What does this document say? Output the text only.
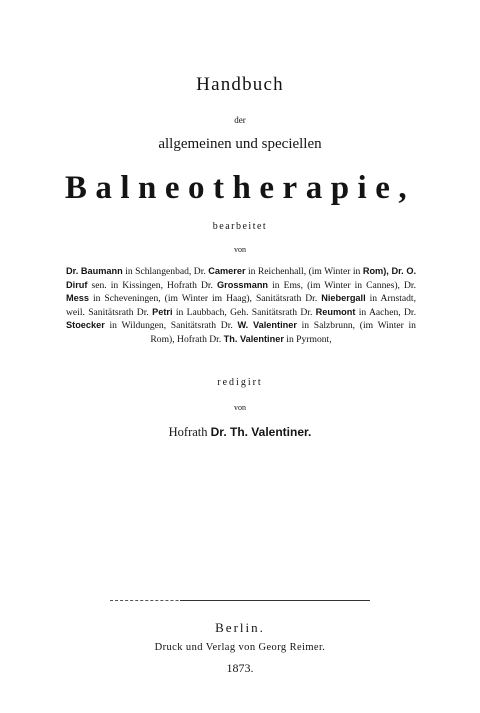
Handbuch
der
allgemeinen und speciellen
Balneotherapie,
bearbeitet
von
Dr. Baumann in Schlangenbad, Dr. Camerer in Reichenhall, (im Winter in Rom), Dr. O. Diruf sen. in Kissingen, Hofrath Dr. Grossmann in Ems, (im Winter in Cannes), Dr. Mess in Scheveningen, (im Winter im Haag), Sanitätsrath Dr. Niebergall in Arnstadt, weil. Sanitätsrath Dr. Petri in Laubbach, Geh. Sanitätsrath Dr. Reumont in Aachen, Dr. Stoecker in Wildungen, Sanitätsrath Dr. W. Valentiner in Salzbrunn, (im Winter in Rom), Hofrath Dr. Th. Valentiner in Pyrmont,
redigirt
von
Hofrath Dr. Th. Valentiner.
Berlin.
Druck und Verlag von Georg Reimer.
1873.
